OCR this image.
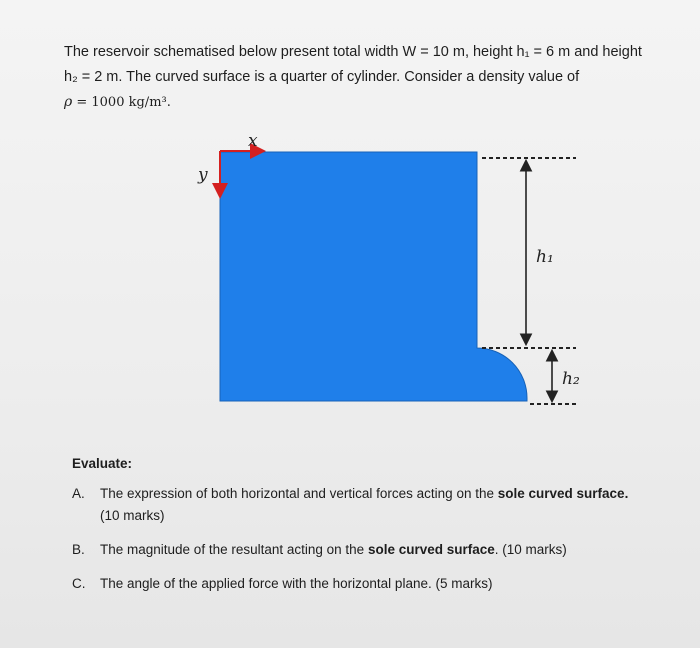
The reservoir schematised below present total width W = 10 m, height h₁ = 6 m and height

h₂ = 2 m. The curved surface is a quarter of cylinder. Consider a density value of

ρ = 1000 kg/m³.

x
y
h₁
h₂

Evaluate:

A. The expression of both horizontal and vertical forces acting on the sole curved surface.
(10 marks)
B. The magnitude of the resultant acting on the sole curved surface. (10 marks)
C. The angle of the applied force with the horizontal plane. (5 marks)
